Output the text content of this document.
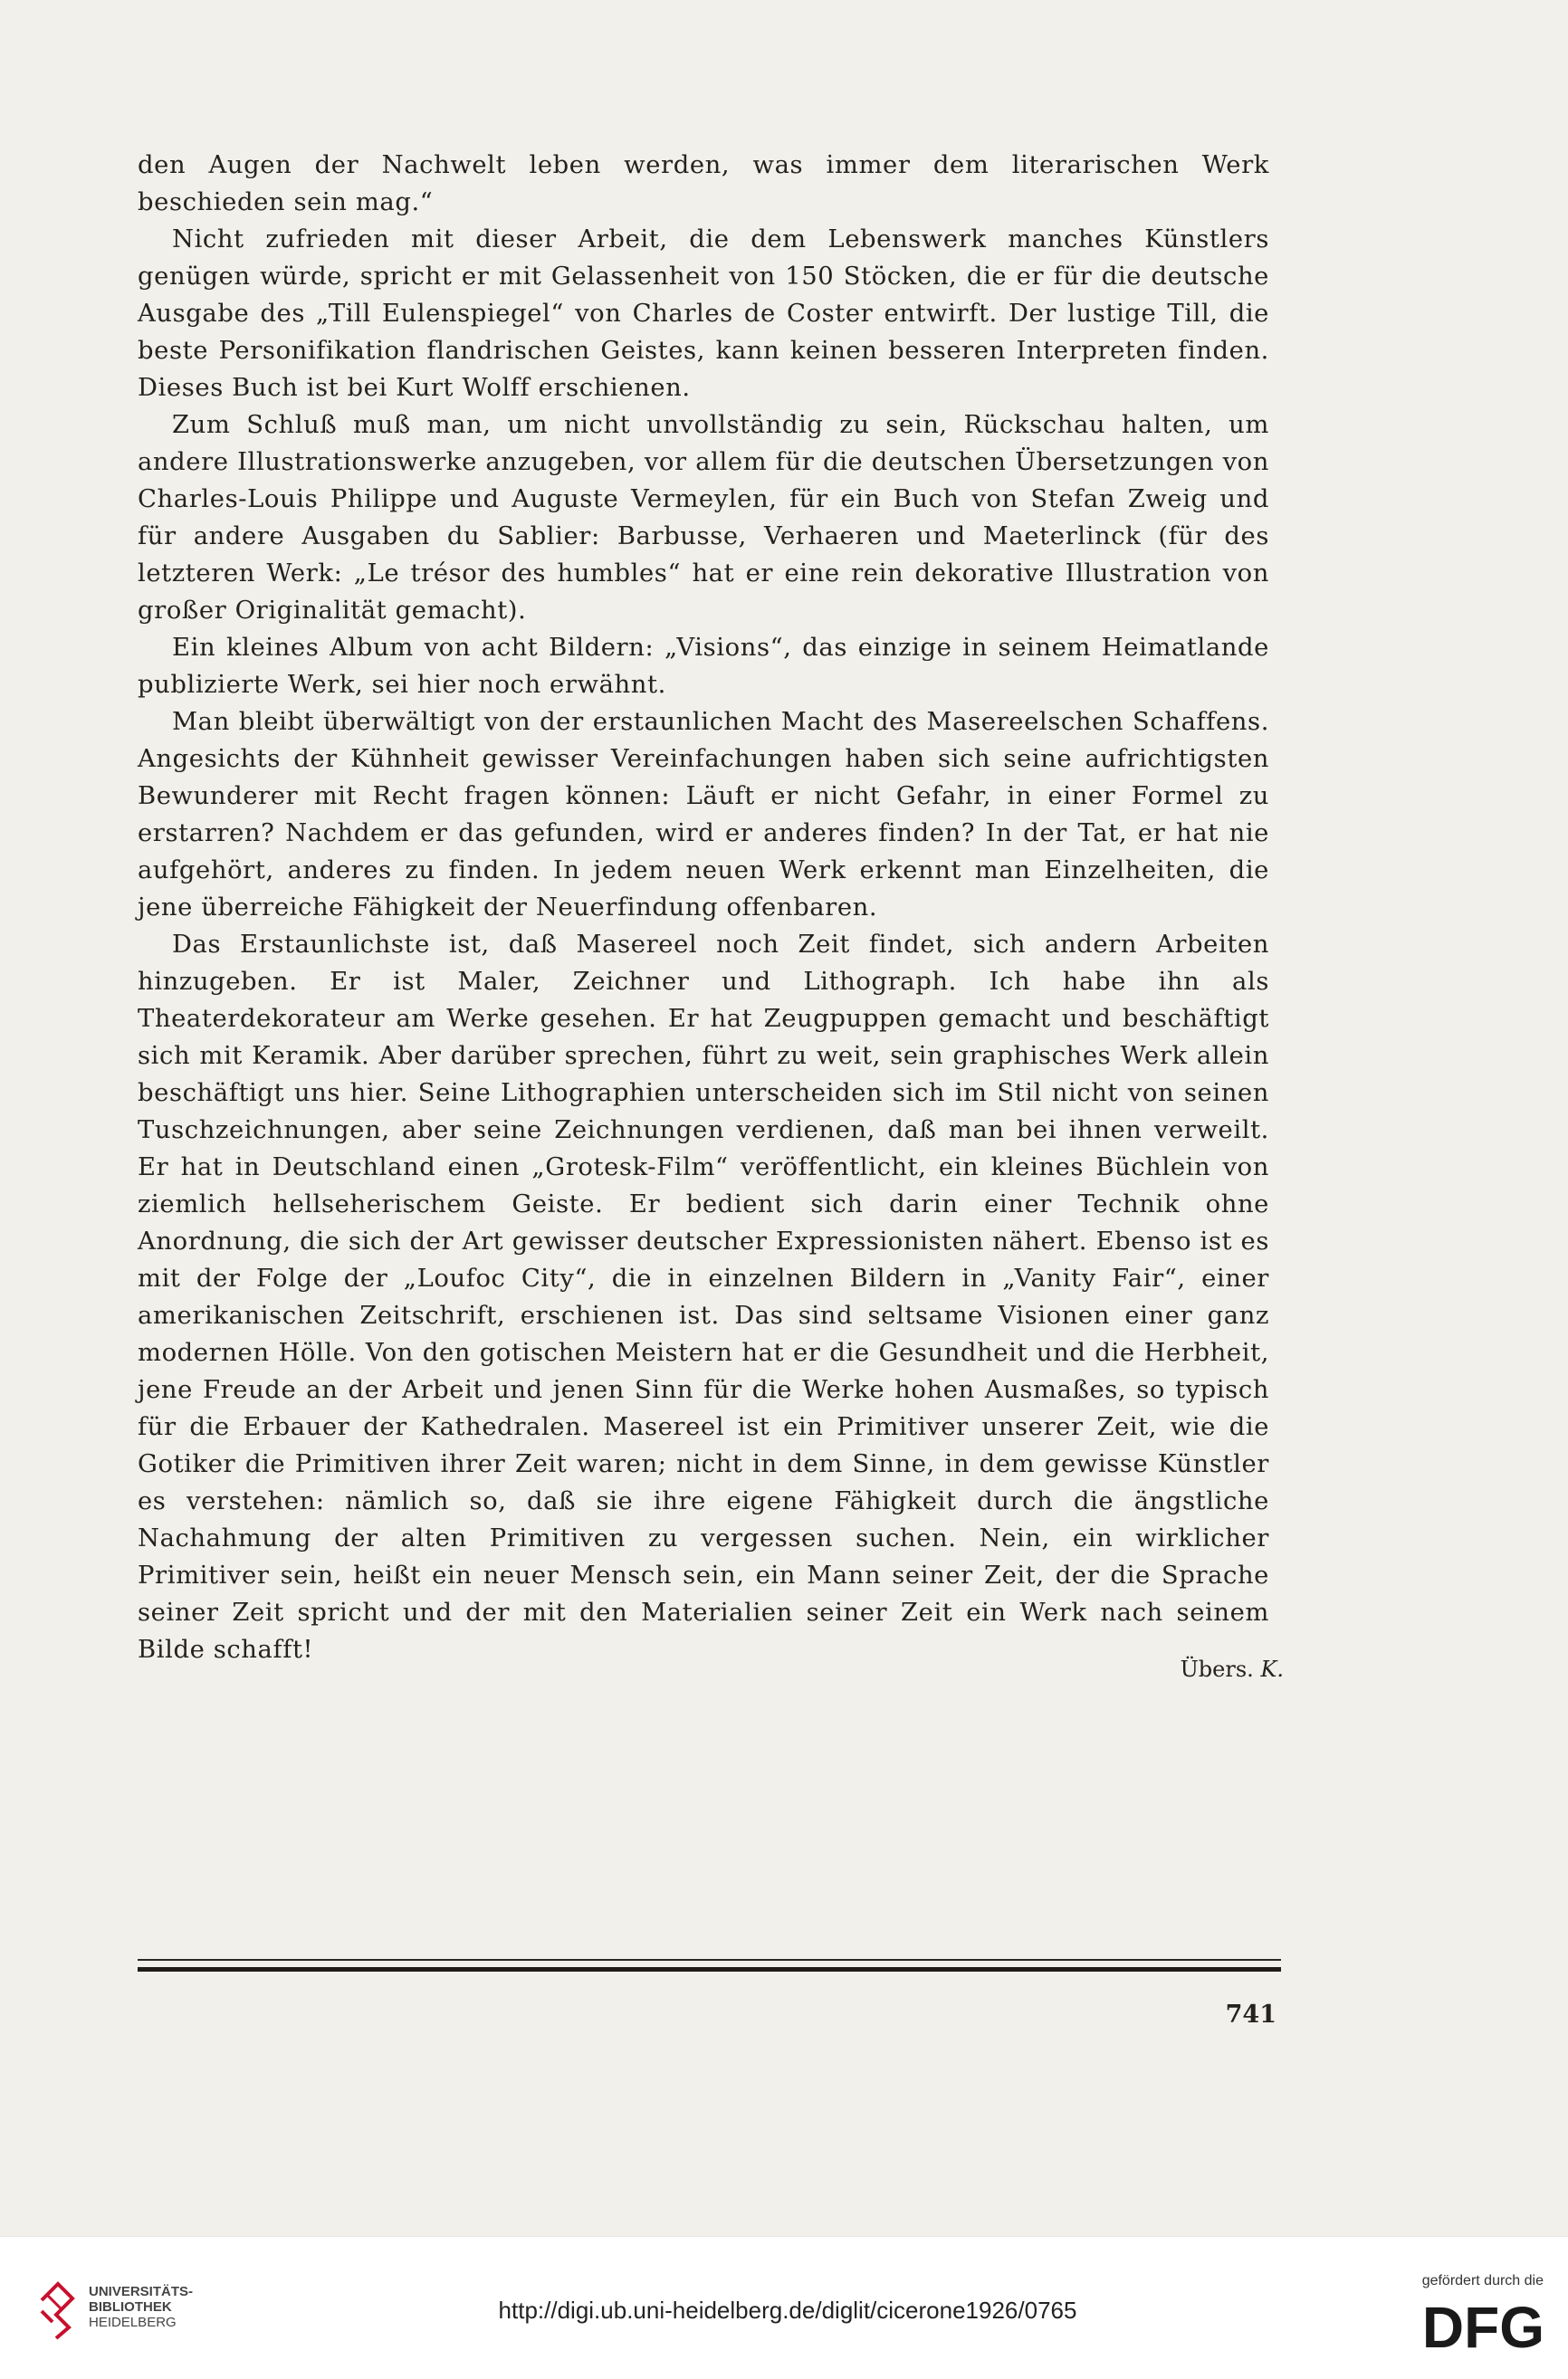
den Augen der Nachwelt leben werden, was immer dem literarischen Werk beschieden sein mag.“

Nicht zufrieden mit dieser Arbeit, die dem Lebenswerk manches Künstlers genügen würde, spricht er mit Gelassenheit von 150 Stöcken, die er für die deutsche Ausgabe des „Till Eulenspiegel“ von Charles de Coster entwirft. Der lustige Till, die beste Personifikation flandrischen Geistes, kann keinen besseren Interpreten finden. Dieses Buch ist bei Kurt Wolff erschienen.

Zum Schluß muß man, um nicht unvollständig zu sein, Rückschau halten, um andere Illustrationswerke anzugeben, vor allem für die deutschen Übersetzungen von Charles-Louis Philippe und Auguste Vermeylen, für ein Buch von Stefan Zweig und für andere Ausgaben du Sablier: Barbusse, Verhaeren und Maeterlinck (für des letzteren Werk: „Le trésor des humbles“ hat er eine rein dekorative Illustration von großer Originalität gemacht).

Ein kleines Album von acht Bildern: „Visions“, das einzige in seinem Heimatlande publizierte Werk, sei hier noch erwähnt.

Man bleibt überwältigt von der erstaunlichen Macht des Masereelschen Schaffens. Angesichts der Kühnheit gewisser Vereinfachungen haben sich seine aufrichtigsten Bewunderer mit Recht fragen können: Läuft er nicht Gefahr, in einer Formel zu erstarren? Nachdem er das gefunden, wird er anderes finden? In der Tat, er hat nie aufgehört, anderes zu finden. In jedem neuen Werk erkennt man Einzelheiten, die jene überreiche Fähigkeit der Neuerfindung offenbaren.

Das Erstaunlichste ist, daß Masereel noch Zeit findet, sich andern Arbeiten hinzugeben. Er ist Maler, Zeichner und Lithograph. Ich habe ihn als Theaterdekorateur am Werke gesehen. Er hat Zeugpuppen gemacht und beschäftigt sich mit Keramik. Aber darüber sprechen, führt zu weit, sein graphisches Werk allein beschäftigt uns hier. Seine Lithographien unterscheiden sich im Stil nicht von seinen Tuschzeichnungen, aber seine Zeichnungen verdienen, daß man bei ihnen verweilt. Er hat in Deutschland einen „Grotesk-Film“ veröffentlicht, ein kleines Büchlein von ziemlich hellseherischem Geiste. Er bedient sich darin einer Technik ohne Anordnung, die sich der Art gewisser deutscher Expressionisten nähert. Ebenso ist es mit der Folge der „Loufoc City“, die in einzelnen Bildern in „Vanity Fair“, einer amerikanischen Zeitschrift, erschienen ist. Das sind seltsame Visionen einer ganz modernen Hölle. Von den gotischen Meistern hat er die Gesundheit und die Herbheit, jene Freude an der Arbeit und jenen Sinn für die Werke hohen Ausmaßes, so typisch für die Erbauer der Kathedralen. Masereel ist ein Primitiver unserer Zeit, wie die Gotiker die Primitiven ihrer Zeit waren; nicht in dem Sinne, in dem gewisse Künstler es verstehen: nämlich so, daß sie ihre eigene Fähigkeit durch die ängstliche Nachahmung der alten Primitiven zu vergessen suchen. Nein, ein wirklicher Primitiver sein, heißt ein neuer Mensch sein, ein Mann seiner Zeit, der die Sprache seiner Zeit spricht und der mit den Materialien seiner Zeit ein Werk nach seinem Bilde schafft!

Übers. K.
741
UNIVERSITÄTS-
BIBLIOTHEK
HEIDELBERG	http://digi.ub.uni-heidelberg.de/diglit/cicerone1926/0765
gefördert durch die
DFG
